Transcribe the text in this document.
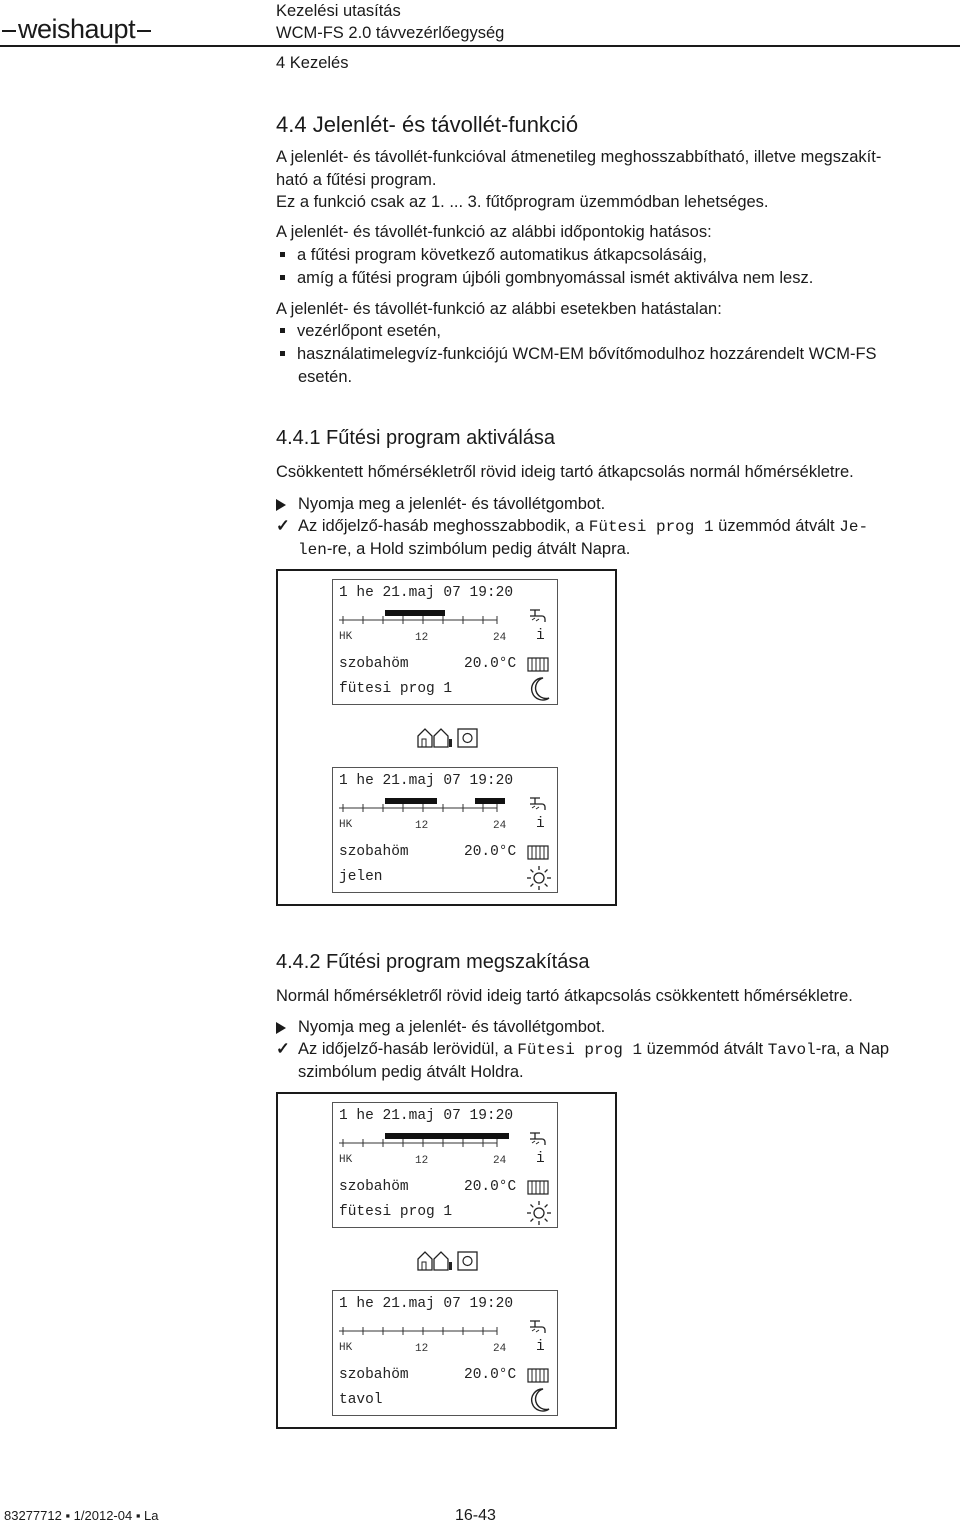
weishaupt
Kezelési utasítás
WCM-FS 2.0 távvezérlőegység
4 Kezelés
4.4 Jelenlét- és távollét-funkció
A jelenlét- és távollét-funkcióval átmenetileg meghosszabbítható, illetve megszakít-
ható a fűtési program.
Ez a funkció csak az 1. ... 3. fűtőprogram üzemmódban lehetséges.
A jelenlét- és távollét-funkció az alábbi időpontokig hatásos:
a fűtési program következő automatikus átkapcsolásáig,
amíg a fűtési program újbóli gombnyomással ismét aktiválva nem lesz.
A jelenlét- és távollét-funkció az alábbi esetekben hatástalan:
vezérlőpont esetén,
használatimelegvíz-funkciójú WCM-EM bővítőmodulhoz hozzárendelt WCM-FS
esetén.
4.4.1 Fűtési program aktiválása
Csökkentett hőmérsékletről rövid ideig tartó átkapcsolás normál hőmérsékletre.
Nyomja meg a jelenlét- és távollétgombot.
✓ Az időjelző-hasáb meghosszabbodik, a Fütesi prog 1 üzemmód átvált Je-
len-re, a Hold szimbólum pedig átvált Napra.
1 he 21.maj 07 19:20
HK	12	24 i
szobahöm	20.0°C
fütesi prog 1
1 he 21.maj 07 19:20
HK	12	24 i
szobahöm	20.0°C
jelen
4.4.2 Fűtési program megszakítása
Normál hőmérsékletről rövid ideig tartó átkapcsolás csökkentett hőmérsékletre.
Nyomja meg a jelenlét- és távollétgombot.
✓ Az időjelző-hasáb lerövidül, a Fütesi prog 1 üzemmód átvált Tavol-ra, a Nap
szimbólum pedig átvált Holdra.
1 he 21.maj 07 19:20
HK	12	24 i
szobahöm	20.0°C
fütesi prog 1
1 he 21.maj 07 19:20
HK	12	24 i
szobahöm	20.0°C
tavol
83277712 ▪ 1/2012-04 ▪ La	16-43
